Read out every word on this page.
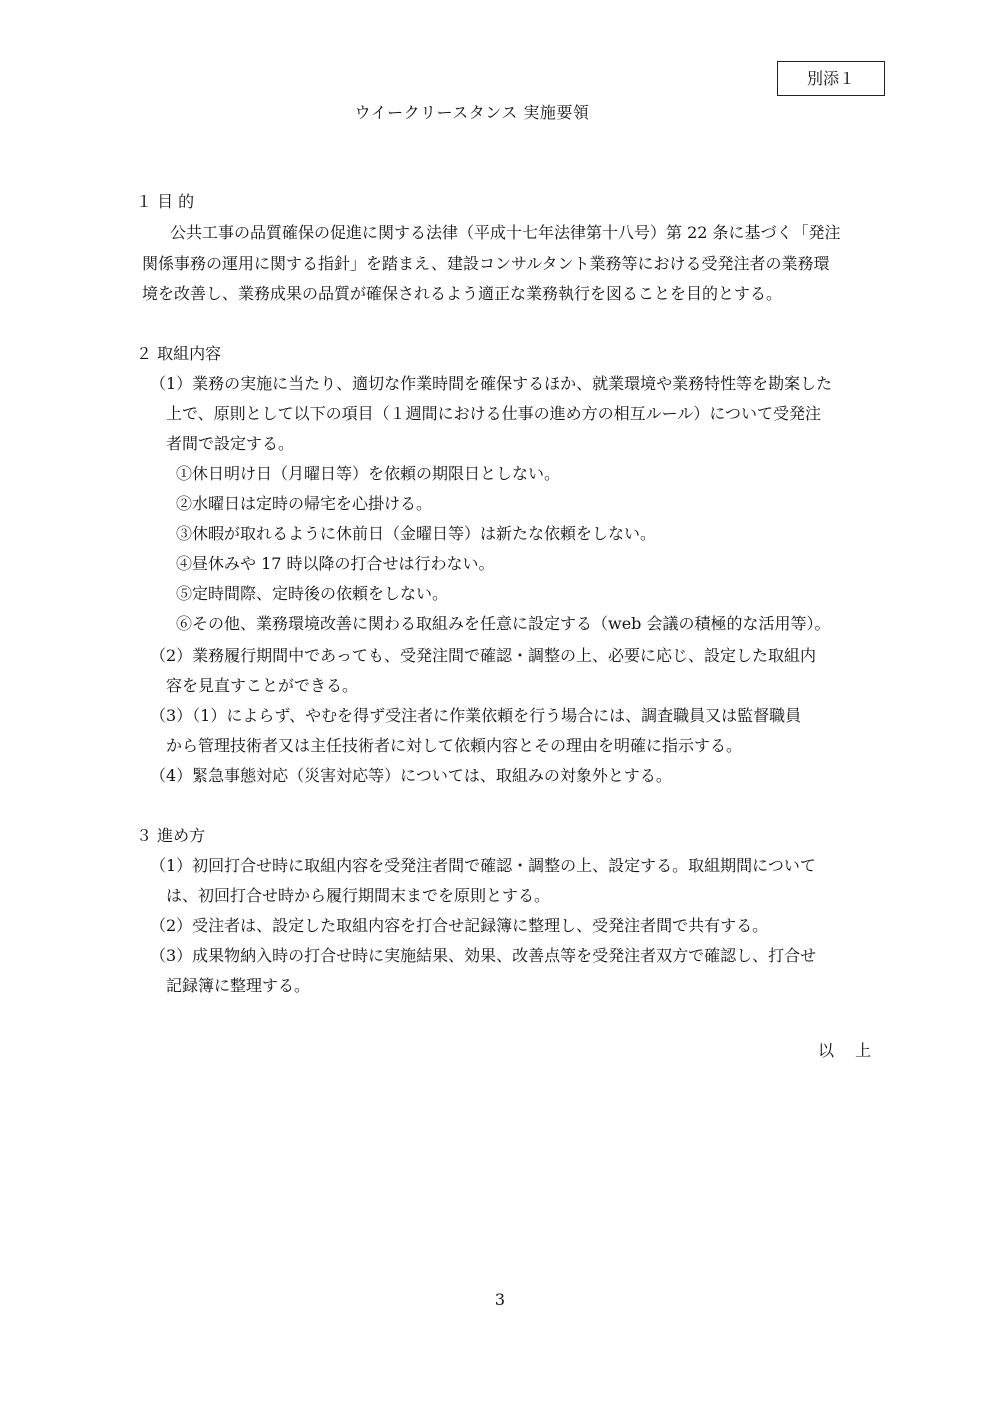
別添１
ウイークリースタンス 実施要領
１ 目 的
公共工事の品質確保の促進に関する法律（平成十七年法律第十八号）第 22 条に基づく「発注
関係事務の運用に関する指針」を踏まえ、建設コンサルタント業務等における受発注者の業務環
境を改善し、業務成果の品質が確保されるよう適正な業務執行を図ることを目的とする。
２ 取組内容
（1）業務の実施に当たり、適切な作業時間を確保するほか、就業環境や業務特性等を勘案した
上で、原則として以下の項目（１週間における仕事の進め方の相互ルール）について受発注
者間で設定する。
①休日明け日（月曜日等）を依頼の期限日としない。
②水曜日は定時の帰宅を心掛ける。
③休暇が取れるように休前日（金曜日等）は新たな依頼をしない。
④昼休みや 17 時以降の打合せは行わない。
⑤定時間際、定時後の依頼をしない。
⑥その他、業務環境改善に関わる取組みを任意に設定する（web 会議の積極的な活用等）。
（2）業務履行期間中であっても、受発注間で確認・調整の上、必要に応じ、設定した取組内
容を見直すことができる。
（3）（1）によらず、やむを得ず受注者に作業依頼を行う場合には、調査職員又は監督職員
から管理技術者又は主任技術者に対して依頼内容とその理由を明確に指示する。
（4）緊急事態対応（災害対応等）については、取組みの対象外とする。
３ 進め方
（1）初回打合せ時に取組内容を受発注者間で確認・調整の上、設定する。取組期間について
は、初回打合せ時から履行期間末までを原則とする。
（2）受注者は、設定した取組内容を打合せ記録簿に整理し、受発注者間で共有する。
（3）成果物納入時の打合せ時に実施結果、効果、改善点等を受発注者双方で確認し、打合せ
記録簿に整理する。
以 上
3
